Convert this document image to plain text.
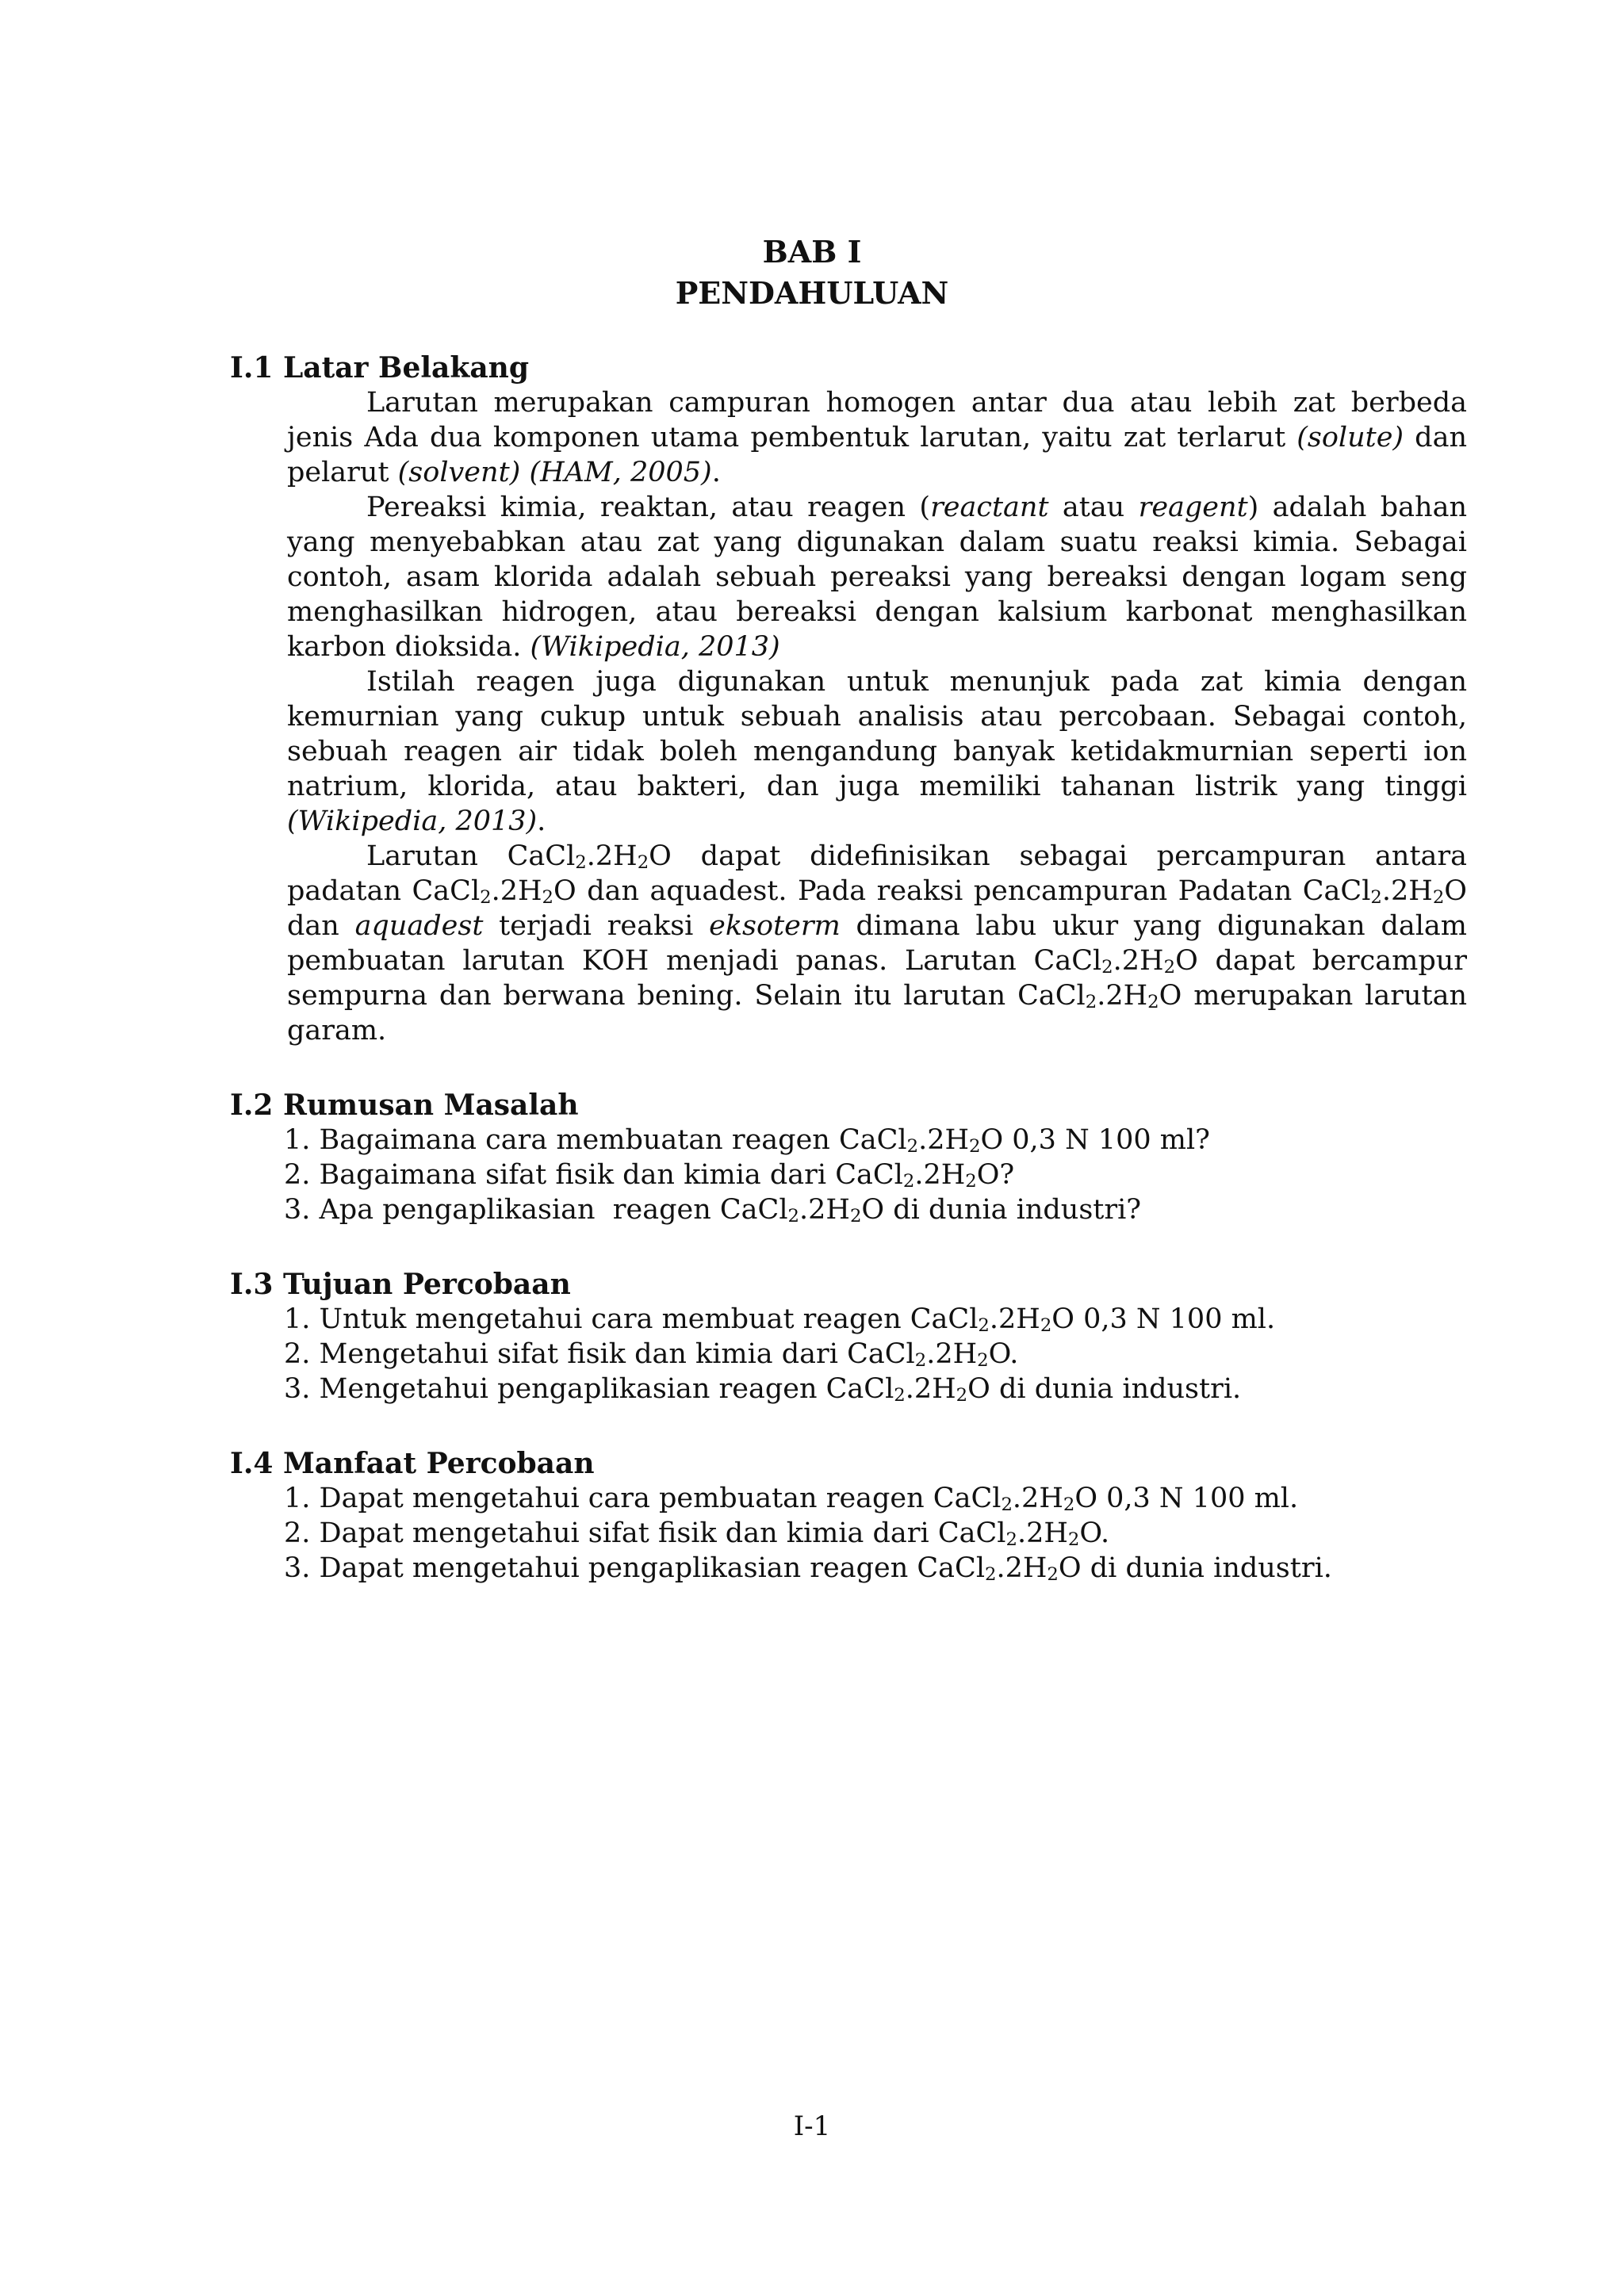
BAB I
PENDAHULUAN

I.1 Latar Belakang

Larutan merupakan campuran homogen antar dua atau lebih zat berbeda jenis Ada dua komponen utama pembentuk larutan, yaitu zat terlarut (solute) dan pelarut (solvent) (HAM, 2005).

Pereaksi kimia, reaktan, atau reagen (reactant atau reagent) adalah bahan yang menyebabkan atau zat yang digunakan dalam suatu reaksi kimia. Sebagai contoh, asam klorida adalah sebuah pereaksi yang bereaksi dengan logam seng menghasilkan hidrogen, atau bereaksi dengan kalsium karbonat menghasilkan karbon dioksida. (Wikipedia, 2013)

Istilah reagen juga digunakan untuk menunjuk pada zat kimia dengan kemurnian yang cukup untuk sebuah analisis atau percobaan. Sebagai contoh, sebuah reagen air tidak boleh mengandung banyak ketidakmurnian seperti ion natrium, klorida, atau bakteri, dan juga memiliki tahanan listrik yang tinggi (Wikipedia, 2013).

Larutan $CaCl_2.2H_2O$ dapat didefinisikan sebagai percampuran antara padatan $CaCl_2.2H_2O$ dan aquadest. Pada reaksi pencampuran Padatan $CaCl_2.2H_2O$ dan aquadest terjadi reaksi eksoterm dimana labu ukur yang digunakan dalam pembuatan larutan KOH menjadi panas. Larutan $CaCl_2.2H_2O$ dapat bercampur sempurna dan berwana bening. Selain itu larutan $CaCl_2.2H_2O$ merupakan larutan garam.

I.2 Rumusan Masalah

1. Bagaimana cara membuatan reagen $CaCl_2.2H_2O$ 0,3 N 100 ml?
2. Bagaimana sifat fisik dan kimia dari $CaCl_2.2H_2O$?
3. Apa pengaplikasian  reagen $CaCl_2.2H_2O$ di dunia industri?

I.3 Tujuan Percobaan

1. Untuk mengetahui cara membuat reagen $CaCl_2.2H_2O$ 0,3 N 100 ml.
2. Mengetahui sifat fisik dan kimia dari $CaCl_2.2H_2O$.
3. Mengetahui pengaplikasian reagen $CaCl_2.2H_2O$ di dunia industri.

I.4 Manfaat Percobaan

1. Dapat mengetahui cara pembuatan reagen $CaCl_2.2H_2O$ 0,3 N 100 ml.
2. Dapat mengetahui sifat fisik dan kimia dari $CaCl_2.2H_2O$.
3. Dapat mengetahui pengaplikasian reagen $CaCl_2.2H_2O$ di dunia industri.
I-1
